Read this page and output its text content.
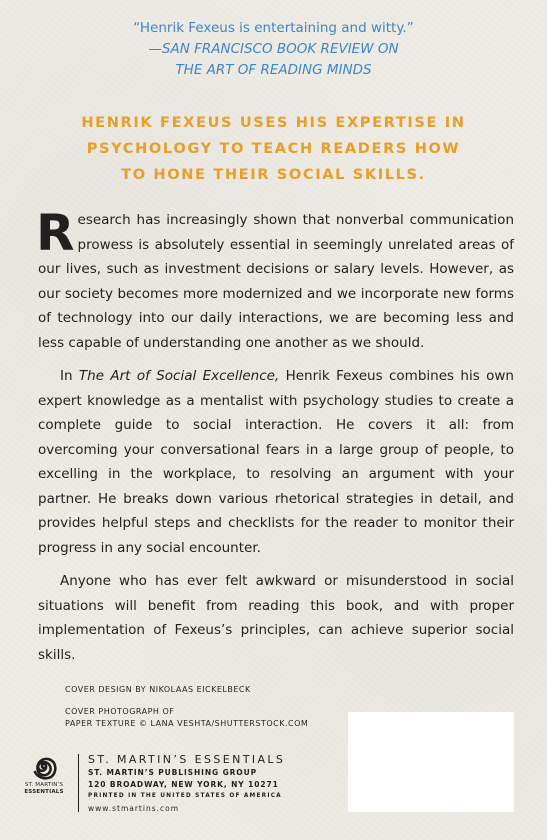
“Henrik Fexeus is entertaining and witty.”
—SAN FRANCISCO BOOK REVIEW ON
THE ART OF READING MINDS
HENRIK FEXEUS USES HIS EXPERTISE IN
PSYCHOLOGY TO TEACH READERS HOW
TO HONE THEIR SOCIAL SKILLS.

Research has increasingly shown that nonverbal communication prowess is absolutely essential in seemingly unrelated areas of our lives, such as investment decisions or salary levels. However, as our society becomes more modernized and we incorporate new forms of technology into our daily interactions, we are becoming less and less capable of understanding one another as we should.

In The Art of Social Excellence, Henrik Fexeus combines his own expert knowledge as a mentalist with psychology studies to create a complete guide to social interaction. He covers it all: from overcoming your conversational fears in a large group of people, to excelling in the workplace, to resolving an argument with your partner. He breaks down various rhetorical strategies in detail, and provides helpful steps and checklists for the reader to monitor their progress in any social encounter.

Anyone who has ever felt awkward or misunderstood in social situations will benefit from reading this book, and with proper implementation of Fexeus’s principles, can achieve superior social skills.

COVER DESIGN BY NIKOLAAS EICKELBECK
COVER PHOTOGRAPH OF
PAPER TEXTURE © LANA VESHTA/SHUTTERSTOCK.COM
ST. MARTIN’S
ESSENTIALS
ST. MARTIN’S ESSENTIALS
ST. MARTIN’S PUBLISHING GROUP
120 BROADWAY, NEW YORK, NY 10271
PRINTED IN THE UNITED STATES OF AMERICA
www.stmartins.com
